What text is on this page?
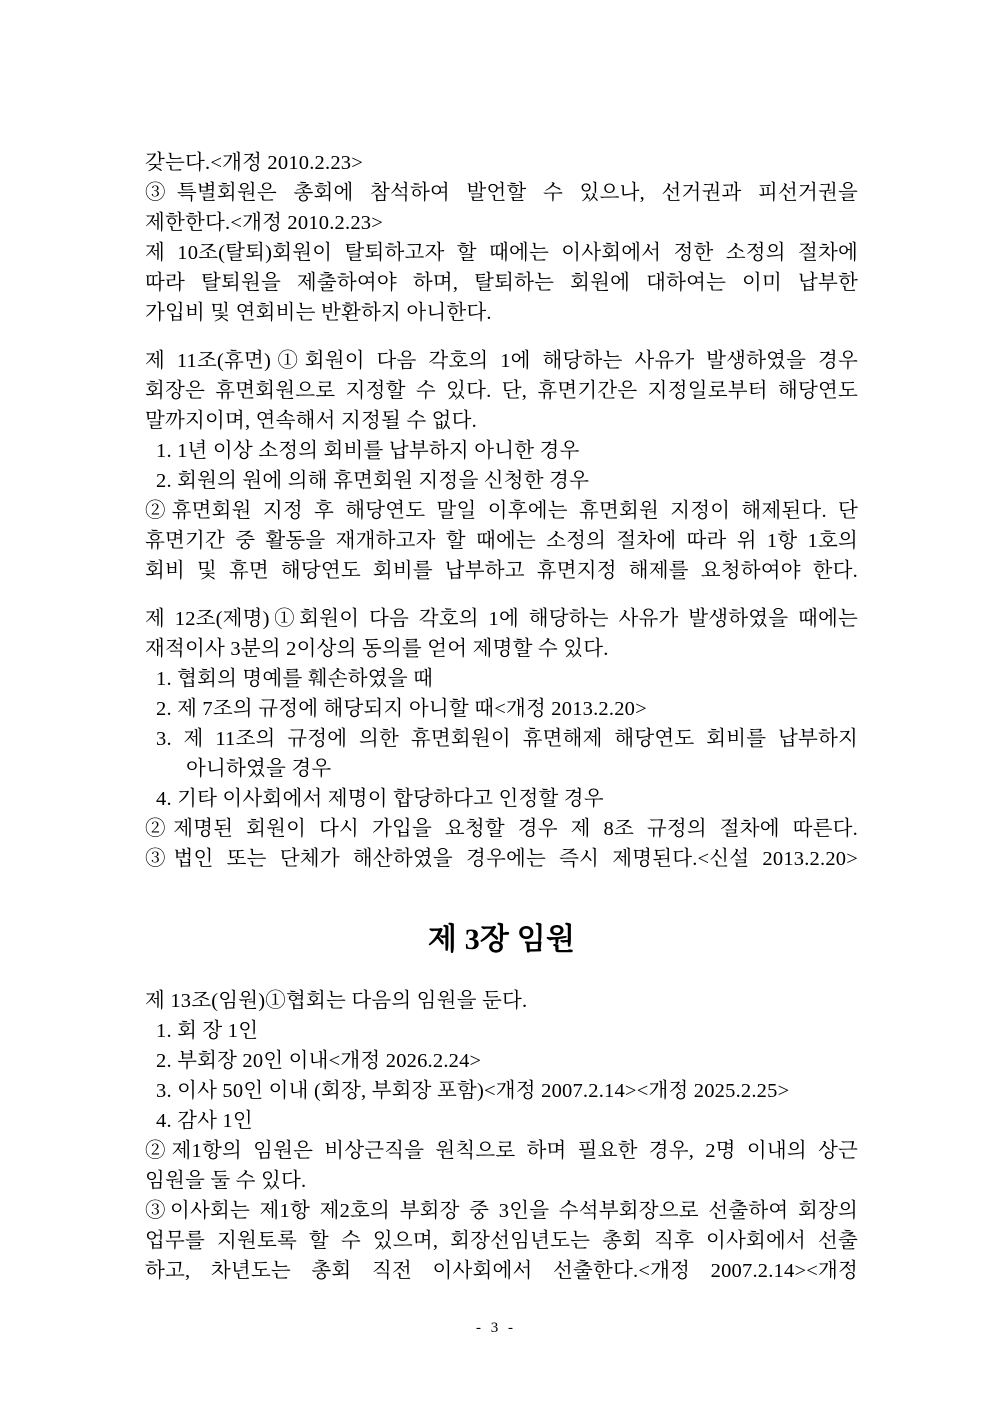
갖는다.<개정 2010.2.23>
③특별회원은 총회에 참석하여 발언할 수 있으나, 선거권과 피선거권을
제한한다.<개정 2010.2.23>
제 10조(탈퇴)회원이 탈퇴하고자 할 때에는 이사회에서 정한 소정의 절차에
따라 탈퇴원을 제출하여야 하며, 탈퇴하는 회원에 대하여는 이미 납부한
가입비 및 연회비는 반환하지 아니한다.
제 11조(휴면)①회원이 다음 각호의 1에 해당하는 사유가 발생하였을 경우
회장은 휴면회원으로 지정할 수 있다. 단, 휴면기간은 지정일로부터 해당연도
말까지이며, 연속해서 지정될 수 없다.
1. 1년 이상 소정의 회비를 납부하지 아니한 경우
2. 회원의 원에 의해 휴면회원 지정을 신청한 경우
②휴면회원 지정 후 해당연도 말일 이후에는 휴면회원 지정이 해제된다. 단
휴면기간 중 활동을 재개하고자 할 때에는 소정의 절차에 따라 위 1항 1호의
회비 및 휴면 해당연도 회비를 납부하고 휴면지정 해제를 요청하여야 한다.
제 12조(제명)①회원이 다음 각호의 1에 해당하는 사유가 발생하였을 때에는
재적이사 3분의 2이상의 동의를 얻어 제명할 수 있다.
1. 협회의 명예를 훼손하였을 때
2. 제 7조의 규정에 해당되지 아니할 때<개정 2013.2.20>
3. 제 11조의 규정에 의한 휴면회원이 휴면해제 해당연도 회비를 납부하지
아니하였을 경우
4. 기타 이사회에서 제명이 합당하다고 인정할 경우
②제명된 회원이 다시 가입을 요청할 경우 제 8조 규정의 절차에 따른다.
③법인 또는 단체가 해산하였을 경우에는 즉시 제명된다.<신설 2013.2.20>
제 3장 임원
제 13조(임원)①협회는 다음의 임원을 둔다.
1. 회 장 1인
2. 부회장 20인 이내<개정 2026.2.24>
3. 이사 50인 이내 (회장, 부회장 포함)<개정 2007.2.14><개정 2025.2.25>
4. 감사 1인
②제1항의 임원은 비상근직을 원칙으로 하며 필요한 경우, 2명 이내의 상근
임원을 둘 수 있다.
③이사회는 제1항 제2호의 부회장 중 3인을 수석부회장으로 선출하여 회장의
업무를 지원토록 할 수 있으며, 회장선임년도는 총회 직후 이사회에서 선출
하고, 차년도는 총회 직전 이사회에서 선출한다.<개정 2007.2.14><개정
- 3 -
